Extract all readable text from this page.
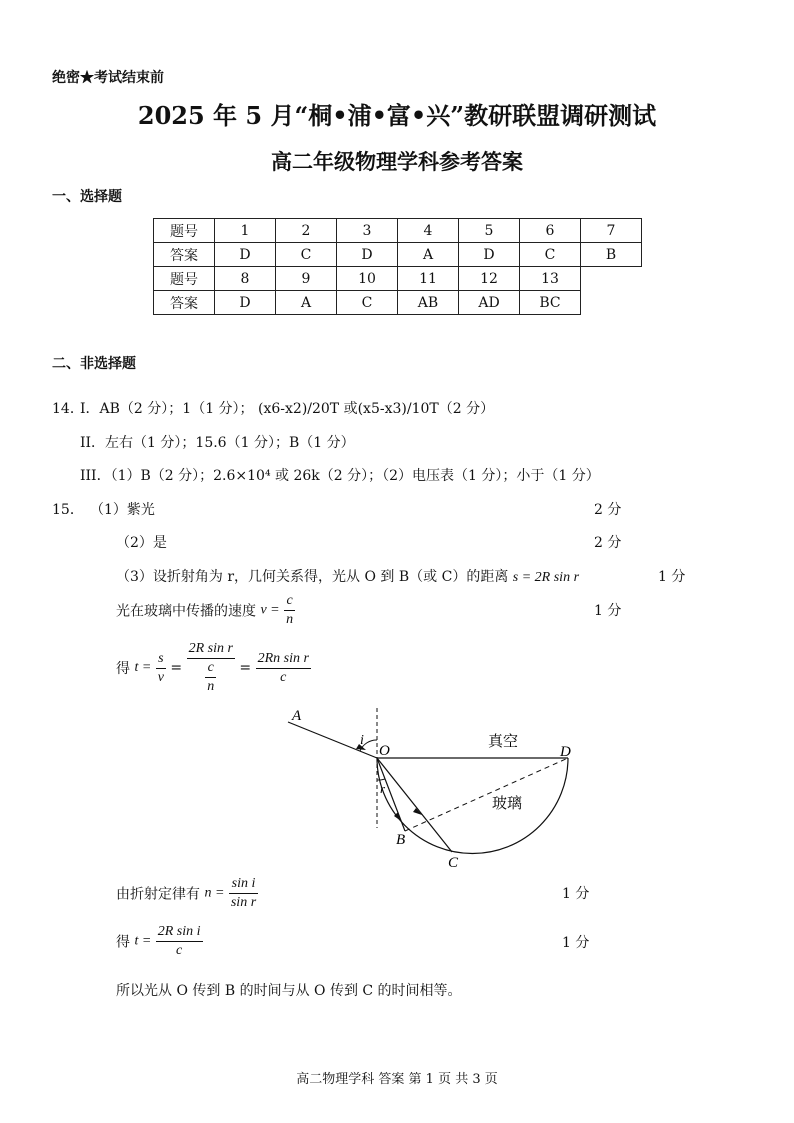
绝密★考试结束前
2025 年 5 月“桐•浦•富•兴”教研联盟调研测试
高二年级物理学科参考答案
一、选择题
题号	1	2	3	4	5	6	7
答案	D	C	D	A	D	C	B
题号	8	9	10	11	12	13	
答案	D	A	C	AB	AD	BC	
二、非选择题
14．
I．AB（2 分）；1（1 分）； (x6-x2)/20T 或(x5-x3)/10T（2 分）
II．左右（1 分）；15.6（1 分）；B（1 分）
III．（1）B（2 分）；2.6×10⁴ 或 26k（2 分）；（2）电压表（1 分）；小于（1 分）
15． （1）紫光	2 分
（2）是	2 分
（3）设折射角为 r，几何关系得，光从 O 到 B（或 C）的距离 s = 2R sin r	1 分
光在玻璃中传播的速度 $v = \frac{c}{n}$	1 分
得 $t = \frac{s}{v} = \frac{\text{2R sin r}}{\frac{c}{n}} = \frac{\text{2Rn sin r}}{c}$
A
i
O	D
r
B
C
真空
玻璃
由折射定律有 $n = \frac{\text{sin i}}{\text{sin r}}$	1 分
得 $t = \frac{\text{2R sin i}}{c}$	1 分
所以光从 O 传到 B 的时间与从 O 传到 C 的时间相等。
高二物理学科 答案 第 1 页 共 3 页
